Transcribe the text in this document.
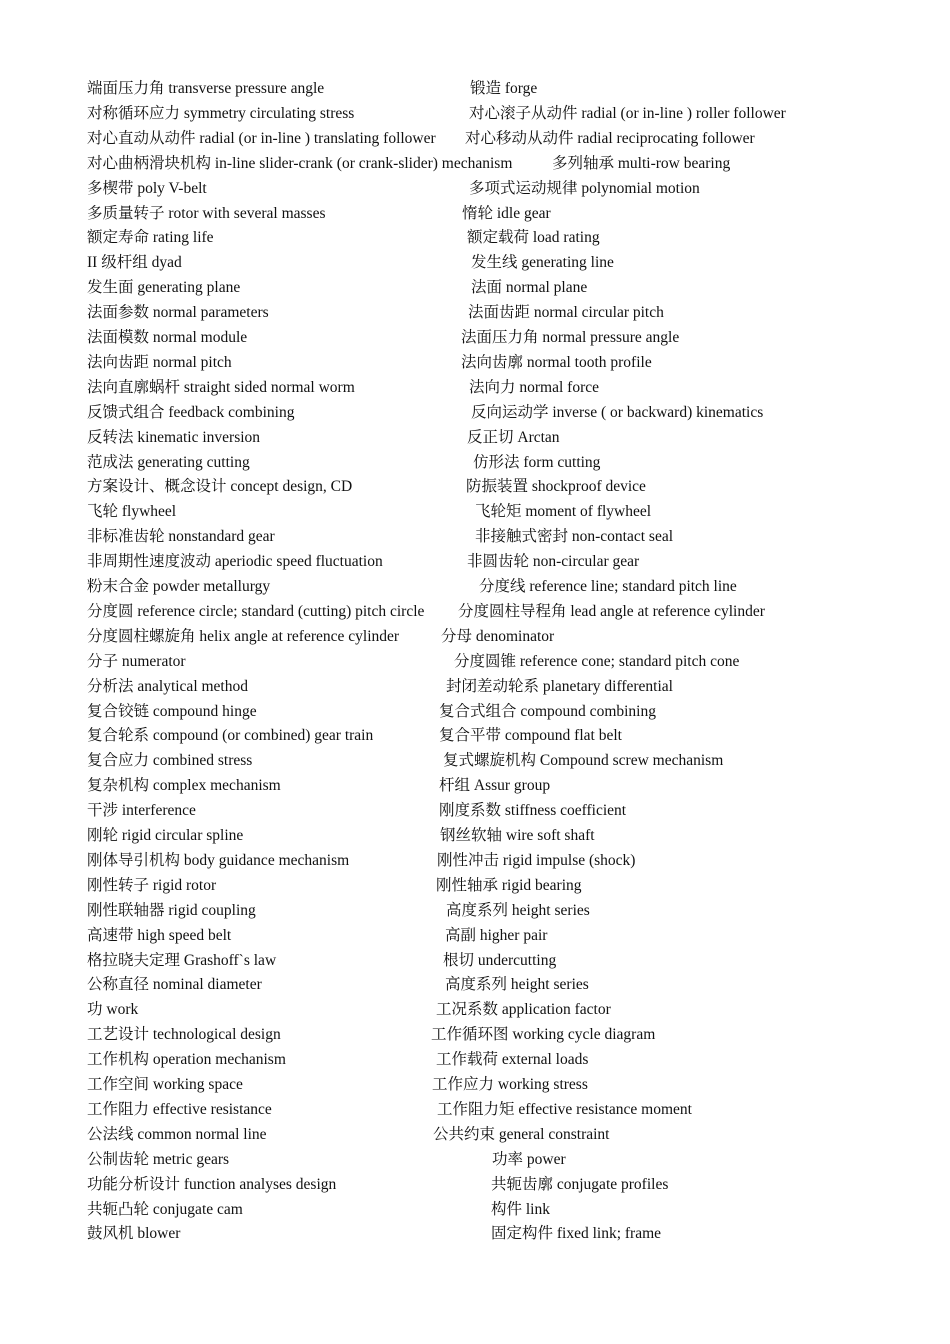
端面压力角 transverse pressure angle	锻造 forge
对称循环应力 symmetry circulating stress	对心滚子从动件 radial (or in-line ) roller follower
对心直动从动件 radial (or in-line ) translating follower 对心移动从动件 radial reciprocating follower
对心曲柄滑块机构 in-line slider-crank (or crank-slider) mechanism	多列轴承 multi-row bearing
多楔带 poly V-belt	多项式运动规律 polynomial motion
多质量转子 rotor with several masses	惰轮 idle gear
额定寿命 rating life	额定载荷 load rating
II 级杆组 dyad	发生线 generating line
发生面 generating plane	法面 normal plane
法面参数 normal parameters	法面齿距 normal circular pitch
法面模数 normal module	法面压力角 normal pressure angle
法向齿距 normal pitch	法向齿廓 normal tooth profile
法向直廓蜗杆 straight sided normal worm	法向力 normal force
反馈式组合 feedback combining	反向运动学 inverse ( or backward) kinematics
反转法 kinematic inversion	反正切 Arctan
范成法 generating cutting	仿形法 form cutting
方案设计、概念设计 concept design, CD	防振装置 shockproof device
飞轮 flywheel	飞轮矩 moment of flywheel
非标准齿轮 nonstandard gear	非接触式密封 non-contact seal
非周期性速度波动 aperiodic speed fluctuation	非圆齿轮 non-circular gear
粉末合金 powder metallurgy	分度线 reference line; standard pitch line
分度圆 reference circle; standard (cutting) pitch circle 分度圆柱导程角 lead angle at reference cylinder
分度圆柱螺旋角 helix angle at reference cylinder	分母 denominator
分子 numerator	分度圆锥 reference cone; standard pitch cone
分析法 analytical method	封闭差动轮系 planetary differential
复合铰链 compound hinge	复合式组合 compound combining
复合轮系 compound (or combined) gear train	复合平带 compound flat belt
复合应力 combined stress	复式螺旋机构 Compound screw mechanism
复杂机构 complex mechanism	杆组 Assur group
干涉 interference	刚度系数 stiffness coefficient
刚轮 rigid circular spline	钢丝软轴 wire soft shaft
刚体导引机构 body guidance mechanism	刚性冲击 rigid impulse (shock)
刚性转子 rigid rotor	刚性轴承 rigid bearing
刚性联轴器 rigid coupling	高度系列 height series
高速带 high speed belt	高副 higher pair
格拉晓夫定理 Grashoff`s law	根切 undercutting
公称直径 nominal diameter	高度系列 height series
功 work	工况系数 application factor
工艺设计 technological design	工作循环图 working cycle diagram
工作机构 operation mechanism	工作载荷 external loads
工作空间 working space	工作应力 working stress
工作阻力 effective resistance	工作阻力矩 effective resistance moment
公法线 common normal line	公共约束 general constraint
公制齿轮 metric gears	功率 power
功能分析设计 function analyses design	共轭齿廓 conjugate profiles
共轭凸轮 conjugate cam	构件 link
鼓风机 blower	固定构件 fixed link; frame
